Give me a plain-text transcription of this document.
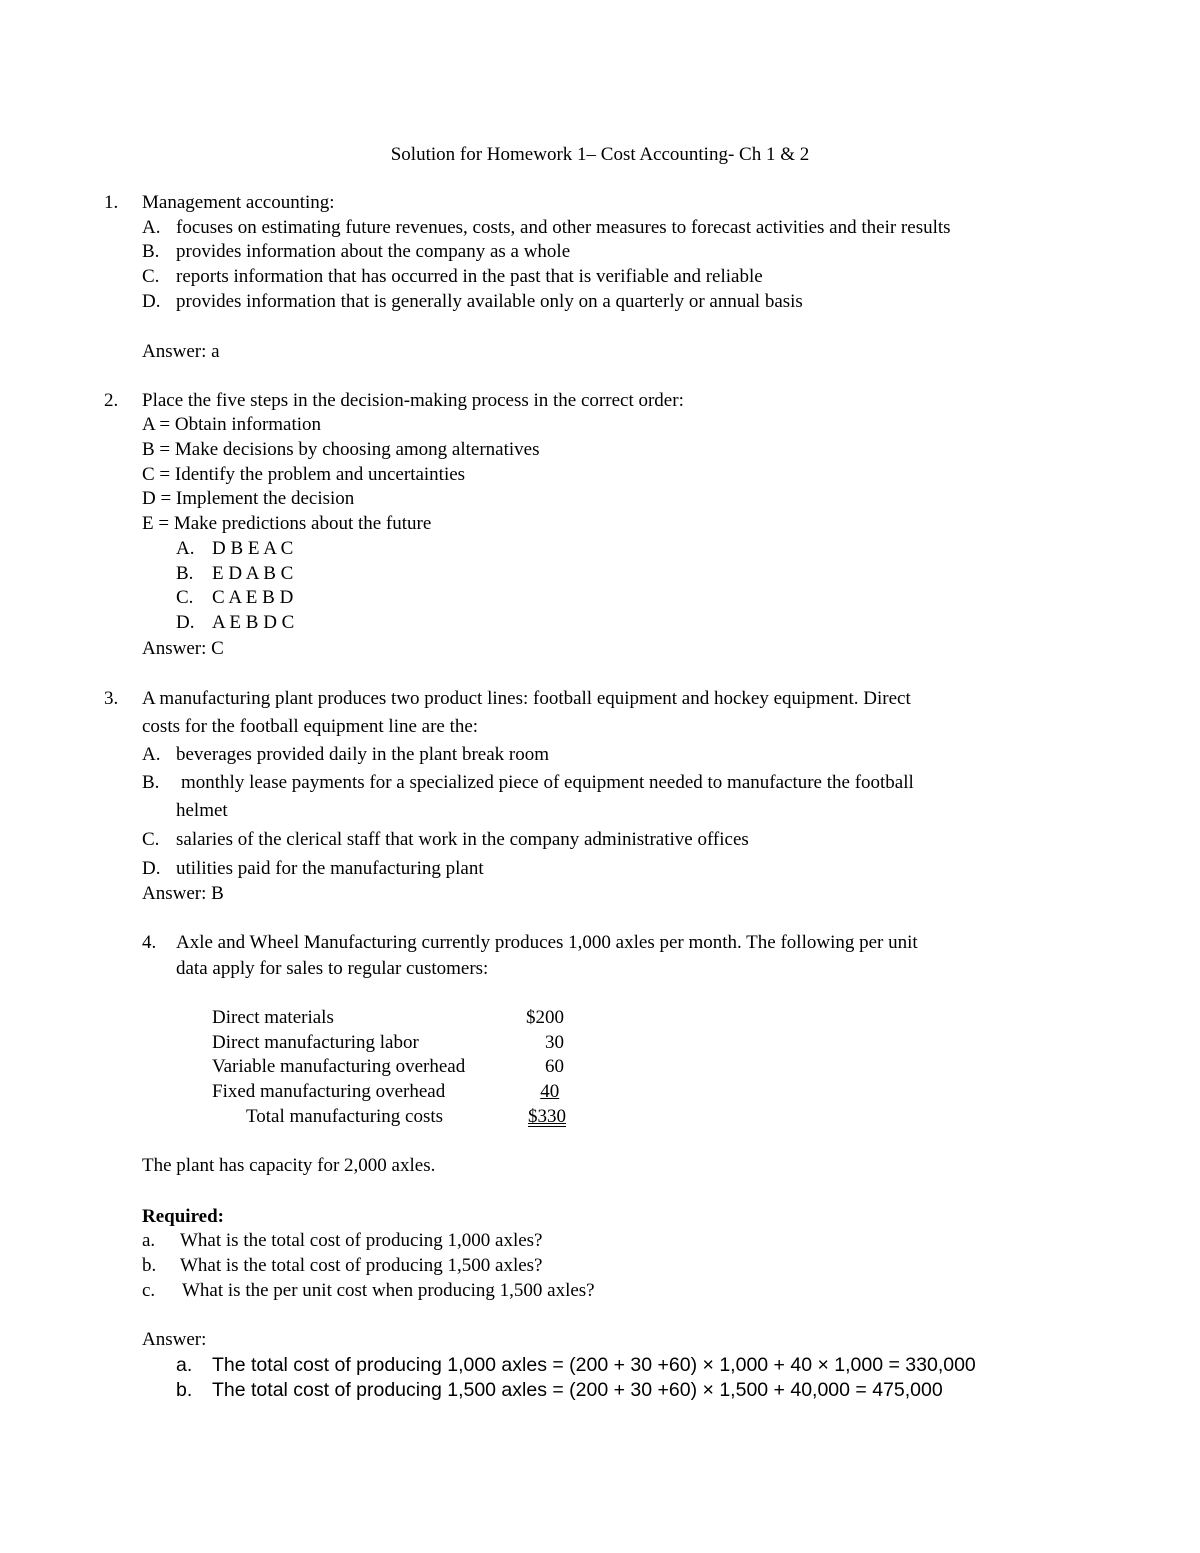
Solution for Homework 1– Cost Accounting- Ch 1 & 2
1. Management accounting:
A. focuses on estimating future revenues, costs, and other measures to forecast activities and their results
B. provides information about the company as a whole
C. reports information that has occurred in the past that is verifiable and reliable
D. provides information that is generally available only on a quarterly or annual basis
Answer: a
2. Place the five steps in the decision-making process in the correct order:
A = Obtain information
B = Make decisions by choosing among alternatives
C = Identify the problem and uncertainties
D = Implement the decision
E = Make predictions about the future
A. D B E A C
B. E D A B C
C. C A E B D
D. A E B D C
Answer: C
3. A manufacturing plant produces two product lines: football equipment and hockey equipment. Direct
costs for the football equipment line are the:
A. beverages provided daily in the plant break room
B. monthly lease payments for a specialized piece of equipment needed to manufacture the football
helmet
C. salaries of the clerical staff that work in the company administrative offices
D. utilities paid for the manufacturing plant
Answer: B
4. Axle and Wheel Manufacturing currently produces 1,000 axles per month. The following per unit
data apply for sales to regular customers:
Direct materials	$200
Direct manufacturing labor	30
Variable manufacturing overhead	60
Fixed manufacturing overhead	40
Total manufacturing costs	$330
The plant has capacity for 2,000 axles.
Required:
a. What is the total cost of producing 1,000 axles?
b. What is the total cost of producing 1,500 axles?
c. What is the per unit cost when producing 1,500 axles?
Answer:
a. The total cost of producing 1,000 axles = (200 + 30 +60) × 1,000 + 40 × 1,000 = 330,000
b. The total cost of producing 1,500 axles = (200 + 30 +60) × 1,500 + 40,000 = 475,000
